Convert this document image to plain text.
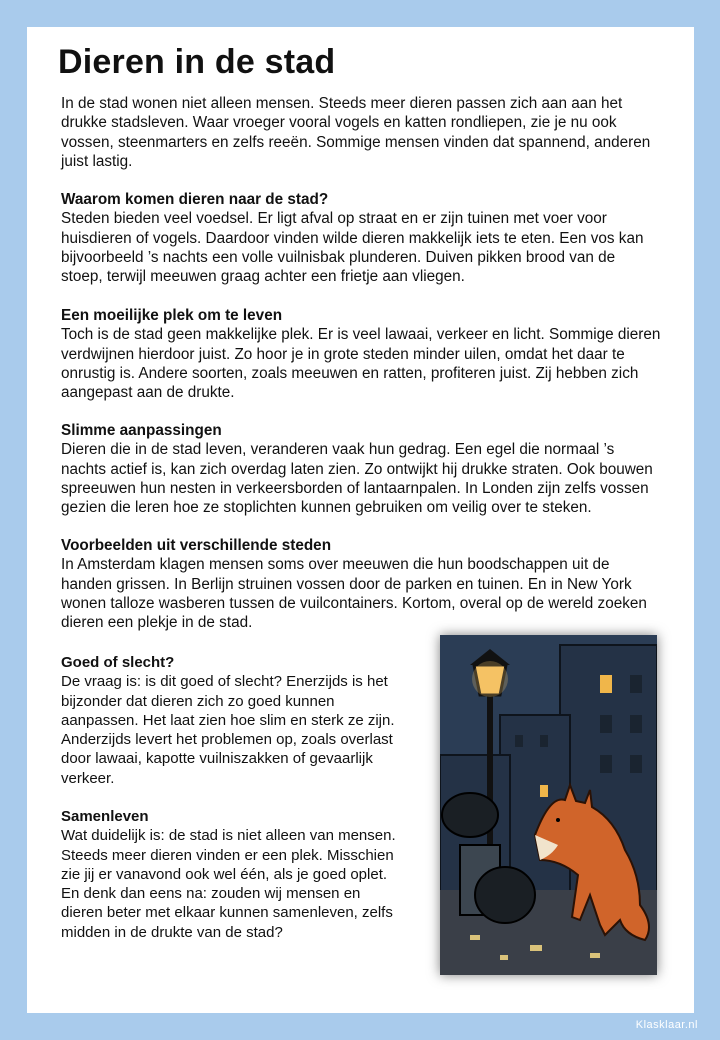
Dieren in de stad
In de stad wonen niet alleen mensen. Steeds meer dieren passen zich aan aan het
drukke stadsleven. Waar vroeger vooral vogels en katten rondliepen, zie je nu ook
vossen, steenmarters en zelfs reeën. Sommige mensen vinden dat spannend, anderen
juist lastig.
Waarom komen dieren naar de stad?
Steden bieden veel voedsel. Er ligt afval op straat en er zijn tuinen met voer voor
huisdieren of vogels. Daardoor vinden wilde dieren makkelijk iets te eten. Een vos kan
bijvoorbeeld ’s nachts een volle vuilnisbak plunderen. Duiven pikken brood van de
stoep, terwijl meeuwen graag achter een frietje aan vliegen.
Een moeilijke plek om te leven
Toch is de stad geen makkelijke plek. Er is veel lawaai, verkeer en licht. Sommige dieren
verdwijnen hierdoor juist. Zo hoor je in grote steden minder uilen, omdat het daar te
onrustig is. Andere soorten, zoals meeuwen en ratten, profiteren juist. Zij hebben zich
aangepast aan de drukte.
Slimme aanpassingen
Dieren die in de stad leven, veranderen vaak hun gedrag. Een egel die normaal ’s
nachts actief is, kan zich overdag laten zien. Zo ontwijkt hij drukke straten. Ook bouwen
spreeuwen hun nesten in verkeersborden of lantaarnpalen. In Londen zijn zelfs vossen
gezien die leren hoe ze stoplichten kunnen gebruiken om veilig over te steken.
Voorbeelden uit verschillende steden
In Amsterdam klagen mensen soms over meeuwen die hun boodschappen uit de
handen grissen. In Berlijn struinen vossen door de parken en tuinen. En in New York
wonen talloze wasberen tussen de vuilcontainers. Kortom, overal op de wereld zoeken
dieren een plekje in de stad.
Goed of slecht?
De vraag is: is dit goed of slecht? Enerzijds is het
bijzonder dat dieren zich zo goed kunnen
aanpassen. Het laat zien hoe slim en sterk ze zijn.
Anderzijds levert het problemen op, zoals overlast
door lawaai, kapotte vuilniszakken of gevaarlijk
verkeer.
Samenleven
Wat duidelijk is: de stad is niet alleen van mensen.
Steeds meer dieren vinden er een plek. Misschien
zie jij er vanavond ook wel één, als je goed oplet.
En denk dan eens na: zouden wij mensen en
dieren beter met elkaar kunnen samenleven, zelfs
midden in de drukte van de stad?
Klasklaar.nl
